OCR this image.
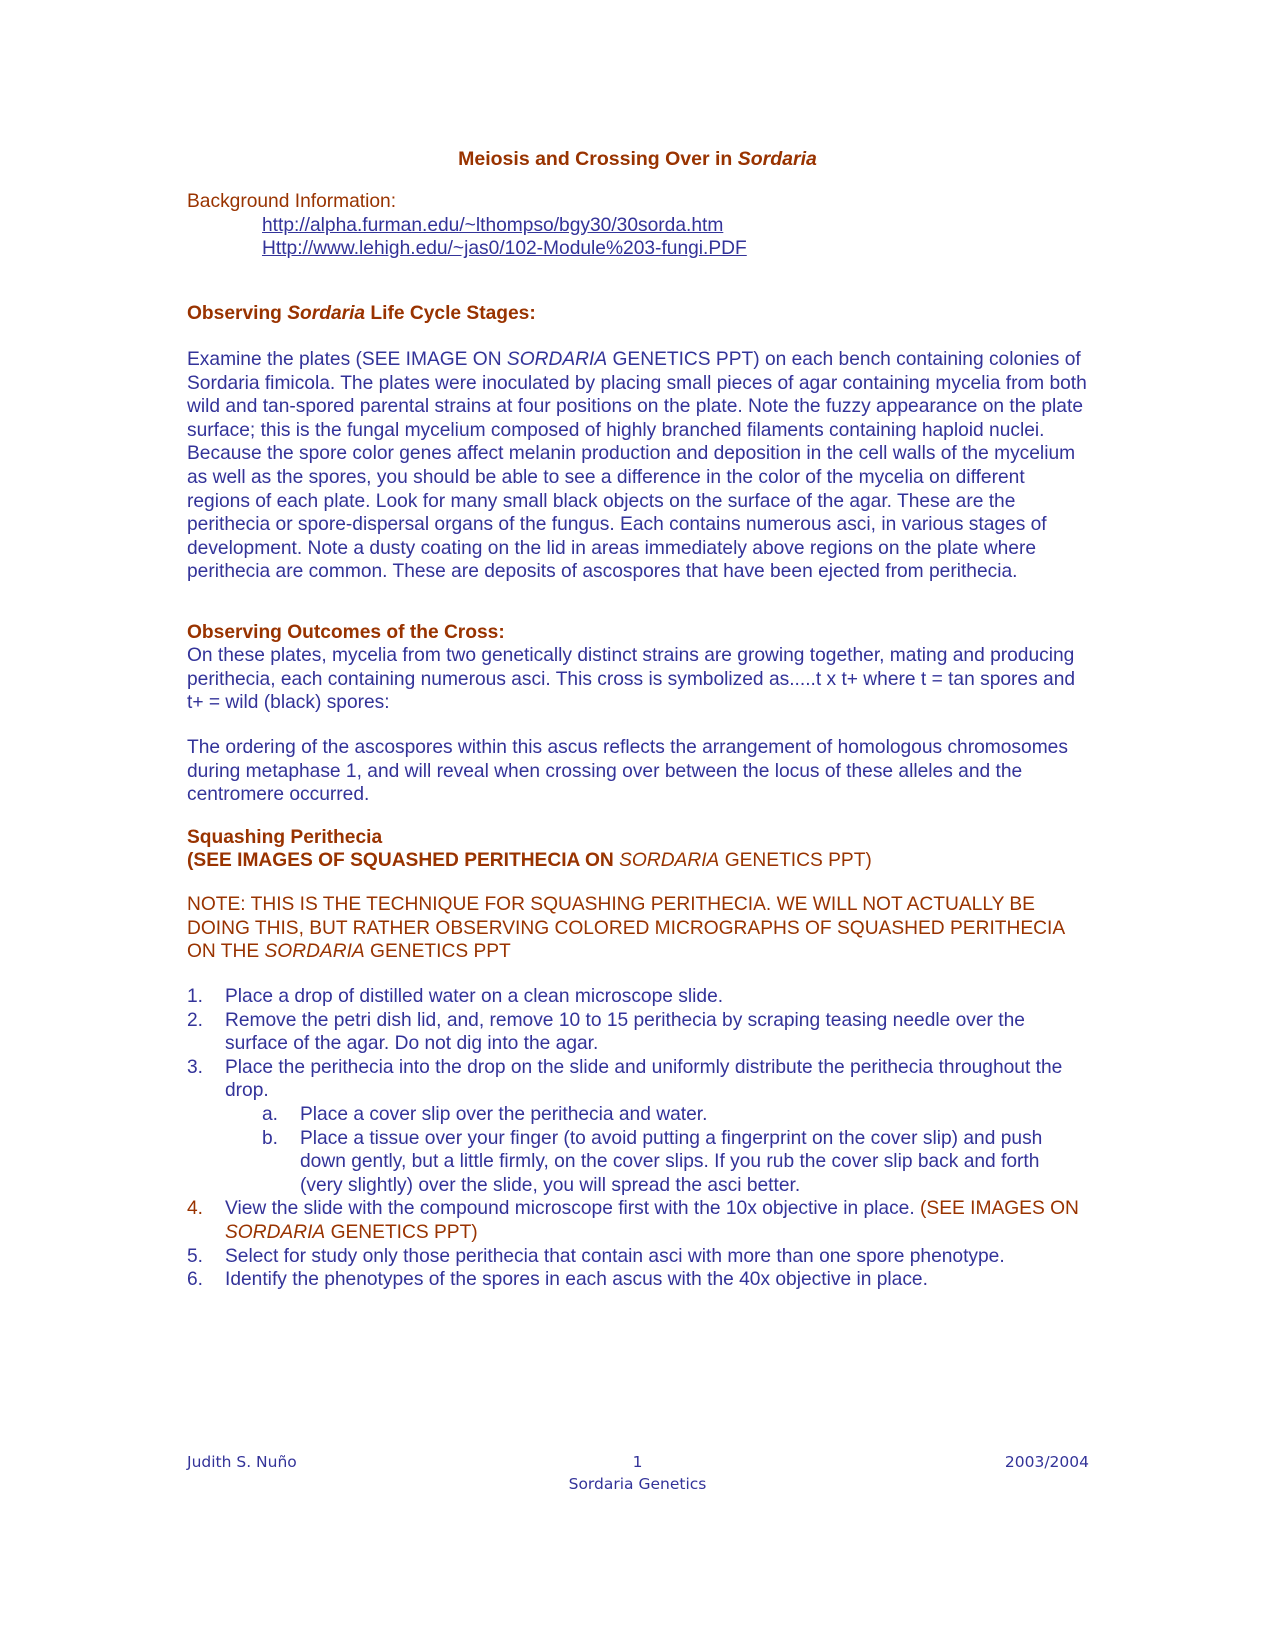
Meiosis and Crossing Over in Sordaria
Background Information:
http://alpha.furman.edu/~lthompso/bgy30/30sorda.htm
Http://www.lehigh.edu/~jas0/102-Module%203-fungi.PDF
Observing Sordaria Life Cycle Stages:

Examine the plates (SEE IMAGE ON SORDARIA GENETICS PPT) on each bench containing colonies of Sordaria fimicola. The plates were inoculated by placing small pieces of agar containing mycelia from both wild and tan-spored parental strains at four positions on the plate. Note the fuzzy appearance on the plate surface; this is the fungal mycelium composed of highly branched filaments containing haploid nuclei. Because the spore color genes affect melanin production and deposition in the cell walls of the mycelium as well as the spores, you should be able to see a difference in the color of the mycelia on different regions of each plate. Look for many small black objects on the surface of the agar. These are the perithecia or spore-dispersal organs of the fungus. Each contains numerous asci, in various stages of development. Note a dusty coating on the lid in areas immediately above regions on the plate where perithecia are common. These are deposits of ascospores that have been ejected from perithecia.

Observing Outcomes of the Cross:

On these plates, mycelia from two genetically distinct strains are growing together, mating and producing perithecia, each containing numerous asci. This cross is symbolized as.....t x t+ where t = tan spores and t+ = wild (black) spores:

The ordering of the ascospores within this ascus reflects the arrangement of homologous chromosomes during metaphase 1, and will reveal when crossing over between the locus of these alleles and the centromere occurred.

Squashing Perithecia
(SEE IMAGES OF SQUASHED PERITHECIA ON SORDARIA GENETICS PPT)

NOTE: THIS IS THE TECHNIQUE FOR SQUASHING PERITHECIA. WE WILL NOT ACTUALLY BE DOING THIS, BUT RATHER OBSERVING COLORED MICROGRAPHS OF SQUASHED PERITHECIA ON THE SORDARIA GENETICS PPT

1. Place a drop of distilled water on a clean microscope slide.
2. Remove the petri dish lid, and, remove 10 to 15 perithecia by scraping teasing needle over the surface of the agar. Do not dig into the agar.
3. Place the perithecia into the drop on the slide and uniformly distribute the perithecia throughout the drop.
a. Place a cover slip over the perithecia and water.
b. Place a tissue over your finger (to avoid putting a fingerprint on the cover slip) and push down gently, but a little firmly, on the cover slips. If you rub the cover slip back and forth (very slightly) over the slide, you will spread the asci better.
4. View the slide with the compound microscope first with the 10x objective in place. (SEE IMAGES ON SORDARIA GENETICS PPT)
5. Select for study only those perithecia that contain asci with more than one spore phenotype.
6. Identify the phenotypes of the spores in each ascus with the 40x objective in place.
Judith S. Nuño	1	2003/2004
Sordaria Genetics
